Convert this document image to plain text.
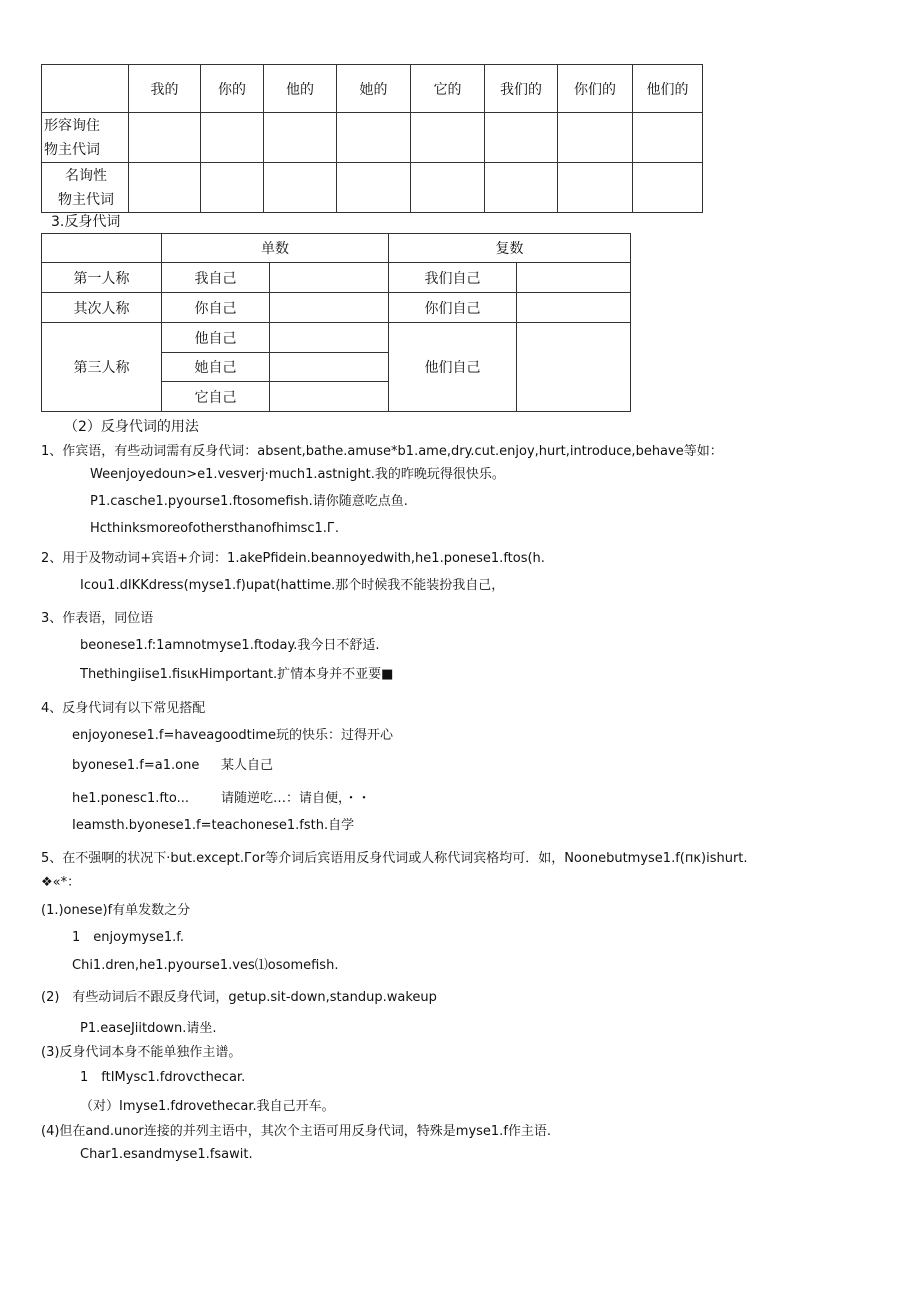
	我的	你的	他的	她的	它的	我们的	你们的	他们的

形容询住
物主代词								

名询性
物主代词								

3.反身代词
	单数		复数	
第一人称	我自己		我们自己	
其次人称	你自己		你们自己	
第三人称	他自己		他们自己	
	她自己			
	它自己			
（2）反身代词的用法
1、作宾语，有些动词需有反身代词：absent,bathe.amuse*b1.ame,dry.cut.enjoy,hurt,introduce,behave等如：
Weenjoyedoun>e1.vesverj·much1.astnight.我的昨晚玩得很快乐。
P1.casche1.pyourse1.ftosomefish.请你随意吃点鱼.
Hcthinksmoreofothersthanofhimsc1.Г.
2、用于及物动词+宾语+介词：1.akePfidein.beannoyedwith,he1.ponese1.ftos(h.
Icou1.dIKKdress(myse1.f)upat(hattime.那个时候我不能装扮我自己，
3、作表语，同位语
beonese1.f:1amnotmyse1.ftoday.我今日不舒适.
Thethingiise1.fisικHimportant.扩情本身并不亚要■
4、反身代词有以下常见搭配
enjoyonese1.f=haveagoodtime玩的快乐：过得开心
byonese1.f=a1.one 某人自己
he1.ponesc1.fto... 请随逆吃…：请自便，・・
Ieamsth.byonese1.f=teachonese1.fsth.自学
5、在不强啊的状况下·but.except.Гor等介词后宾语用反身代词或人称代词宾格均可．如，Noonebutmyse1.f(пκ)ishurt.
❖«*：
(1.)onese)f有单发数之分
1　enjoymyse1.f.
Chi1.dren,he1.pyourse1.ves⑴osomefish.
(2)　有些动词后不跟反身代词，getup.sit-down,standup.wakeup
P1.easeJiitdown.请坐.
(3)反身代词本身不能单独作主谱。
1　ftIMysc1.fdrovcthecar.
（对）Imyse1.fdrovethecar.我自己开车。
(4)但在and.unor连接的并列主语中，其次个主语可用反身代词，特殊是myse1.f作主语.
Char1.esandmyse1.fsawit.
